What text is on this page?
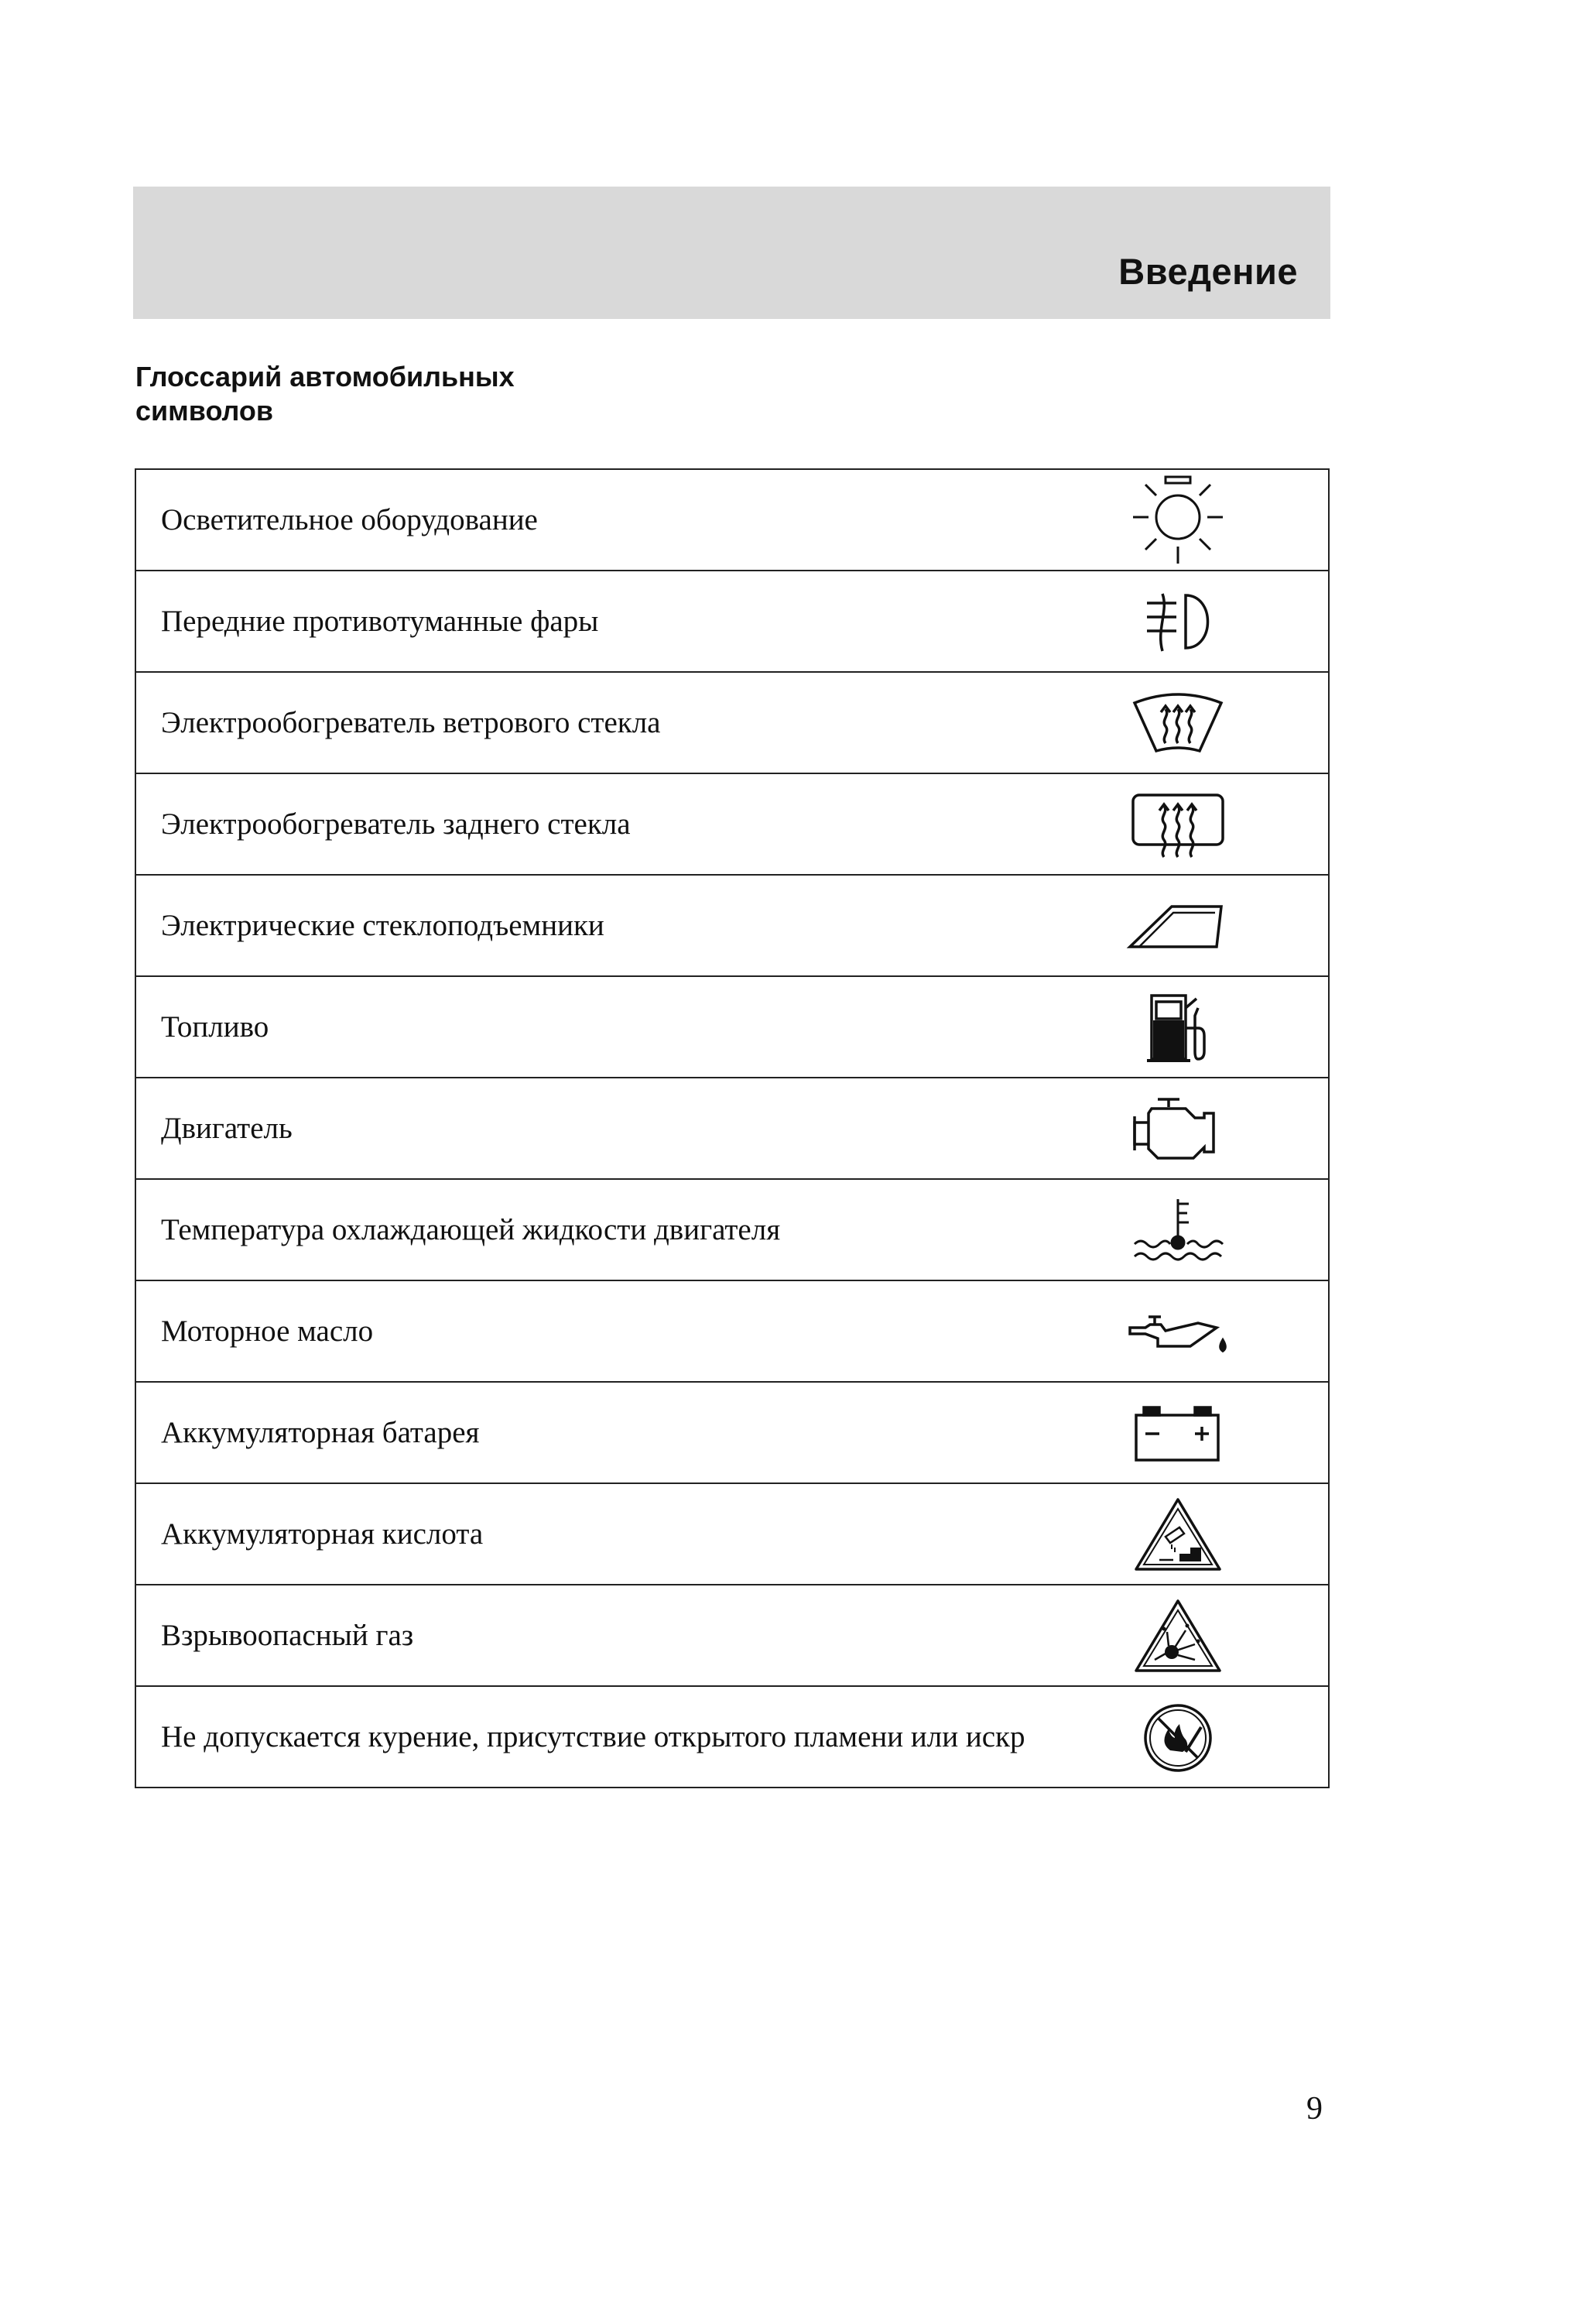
Введение
Глоссарий автомобильных
символов
Осветительное оборудование

Передние противотуманные фары

Электрообогреватель ветрового стекла

Электрообогреватель заднего стекла

Электрические стеклоподъемники

Топливо

Двигатель

Температура охлаждающей жидкости двигателя

Моторное масло

Аккумуляторная батарея

Аккумуляторная кислота

Взрывоопасный газ

Не допускается курение, присутствие открытого пламени или искр

9
